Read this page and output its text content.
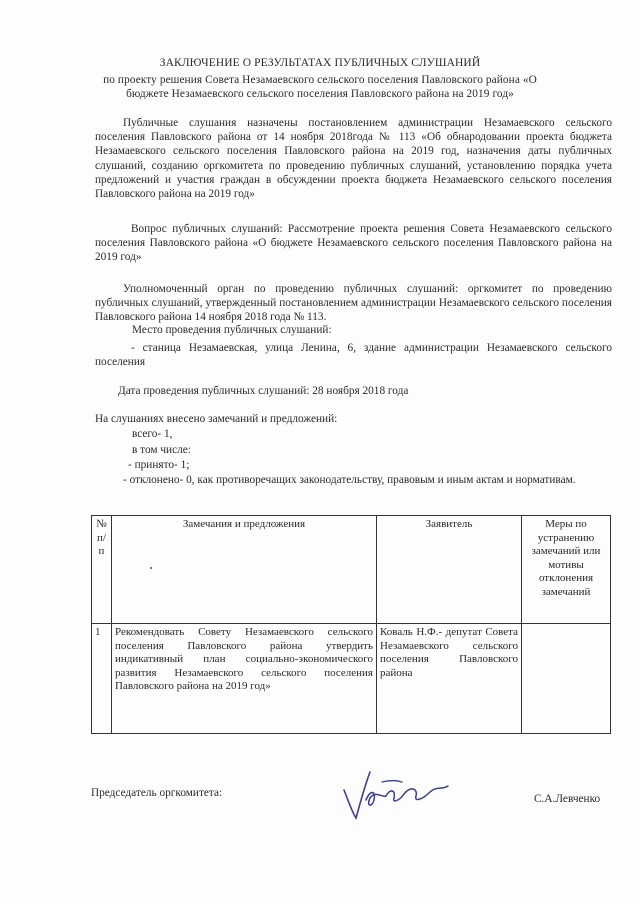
ЗАКЛЮЧЕНИЕ О РЕЗУЛЬТАТАХ ПУБЛИЧНЫХ СЛУШАНИЙ
по проекту решения Совета Незамаевского сельского поселения Павловского района «О
бюджете Незамаевского сельского поселения Павловского района на 2019 год»
Публичные слушания назначены постановлением администрации Незамаевского сельского поселения Павловского района от 14 ноября 2018года № 113 «Об обнародовании проекта бюджета Незамаевского сельского поселения Павловского района на 2019 год, назначения даты публичных слушаний, созданию оргкомитета по проведению публичных слушаний, установлению порядка учета предложений и участия граждан в обсуждении проекта бюджета Незамаевского сельского поселения Павловского района на 2019 год»
Вопрос публичных слушаний: Рассмотрение проекта решения Совета Незамаевского сельского поселения Павловского района «О бюджете Незамаевского сельского поселения Павловского района на 2019 год»
Уполномоченный орган по проведению публичных слушаний: оргкомитет по проведению публичных слушаний, утвержденный постановлением администрации Незамаевского сельского поселения Павловского района 14 ноября 2018 года № 113.
Место проведения публичных слушаний:
- станица Незамаевская, улица Ленина, 6, здание администрации Незамаевского сельского поселения
Дата проведения публичных слушаний: 28 ноября 2018 года
На слушаниях внесено замечаний и предложений:
всего- 1,
в том числе:
- принято- 1;
- отклонено- 0, как противоречащих законодательству, правовым и иным актам и нормативам.
№ п/п	Замечания и предложения	Заявитель	Меры по устранению замечаний или мотивы отклонения замечаний
1	Рекомендовать Совету Незамаевского сельского поселения Павловского района утвердить индикативный план социально-экономического развития Незамаевского сельского поселения Павловского района на 2019 год»	Коваль Н.Ф.- депутат Совета Незамаевского сельского поселения Павловского района	
Председатель оргкомитета:	С.А.Левченко
